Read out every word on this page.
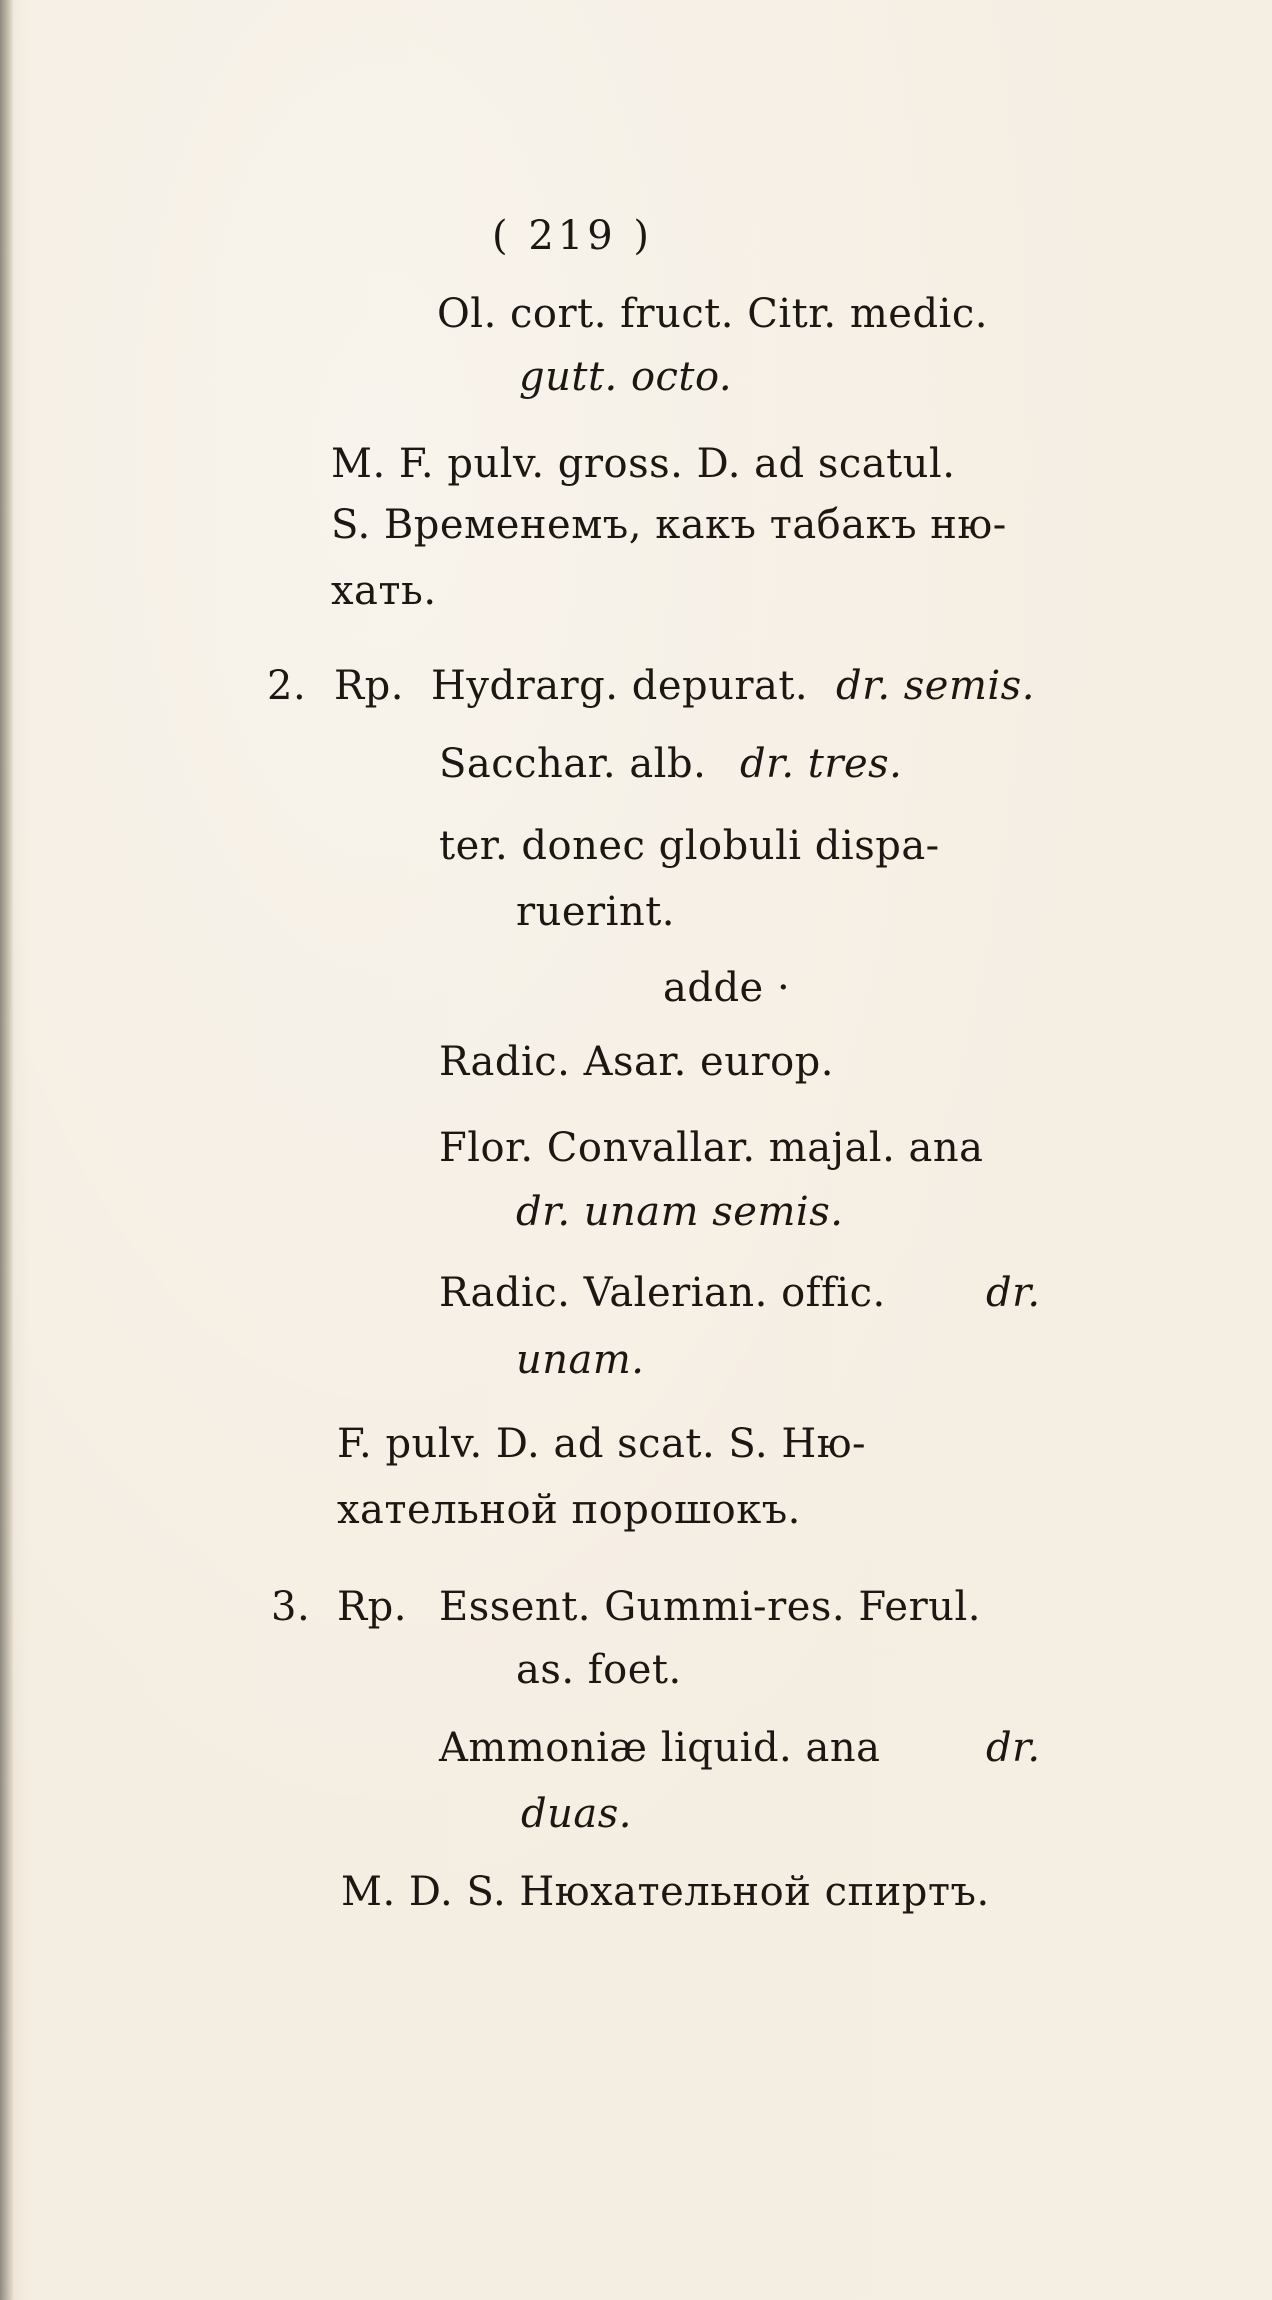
( 219 )
Ol. cort. fruct. Citr. medic.
gutt. octo.
M. F. pulv. gross. D. ad scatul.
S. Временемъ, какъ табакъ ню-
хать.
2. Rp. Hydrarg. depurat. dr. semis.
Sacchar. alb. dr. tres.
ter. donec globuli dispa-
ruerint.
adde ·
Radic. Asar. europ.
Flor. Convallar. majal. ana
dr. unam semis.
Radic. Valerian. offic.	dr.
unam.
F. pulv. D. ad scat. S. Ню-
хательной порошокъ.
3. Rp. Essent. Gummi-res. Ferul.
as. foet.
Ammoniæ liquid. ana	dr.
duas.
M. D. S. Нюхательной спиртъ.
